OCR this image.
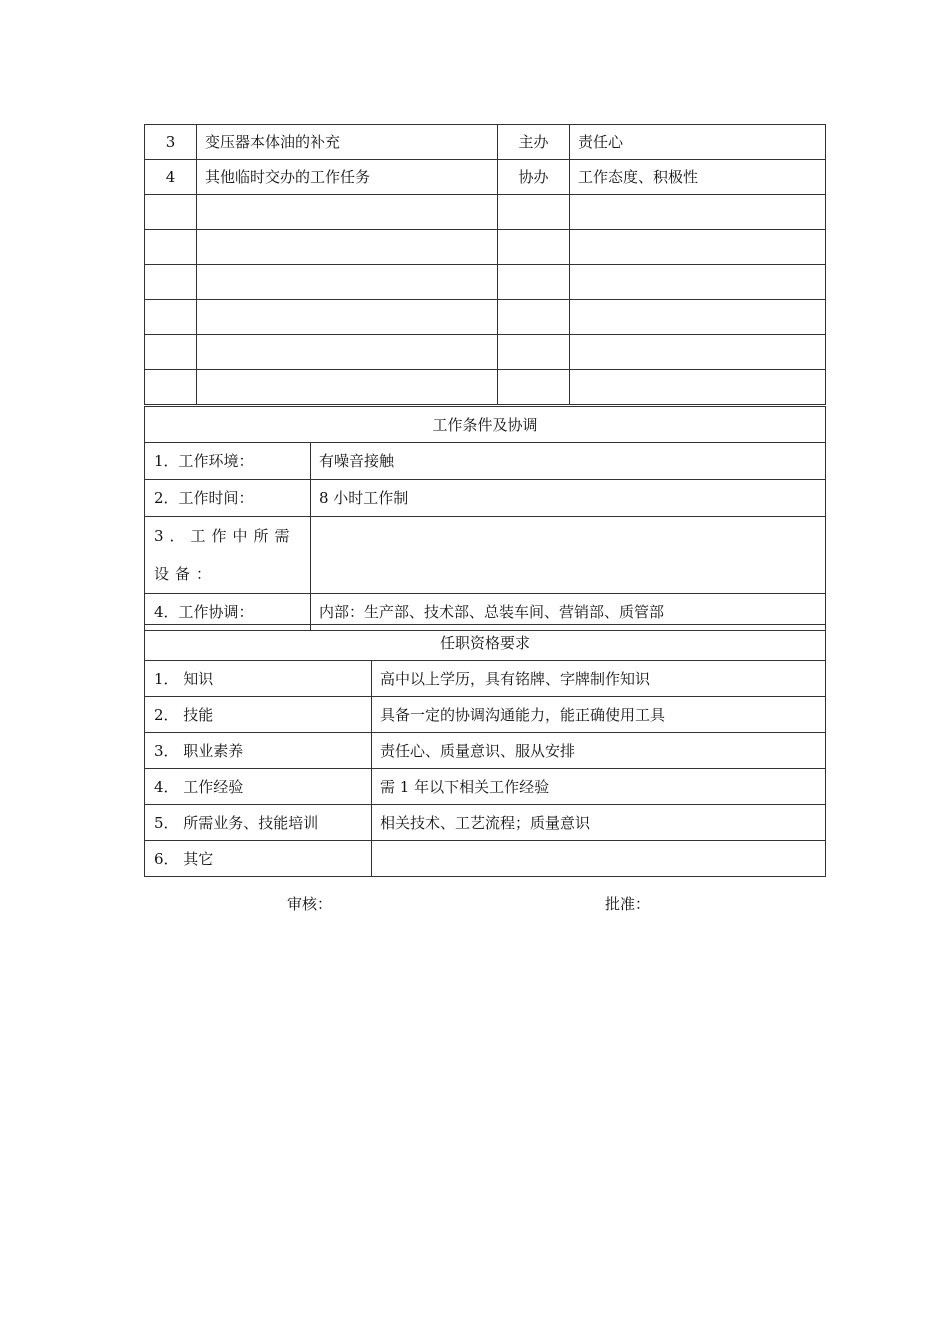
3	变压器本体油的补充	主办	责任心
4	其他临时交办的工作任务	协办	工作态度、积极性

工作条件及协调	
1．工作环境：	有噪音接触
2．工作时间：	8 小时工作制
3．工作中所需设备：	
4．工作协调：	内部：生产部、技术部、总装车间、营销部、质管部
任职资格要求	
1． 知识	高中以上学历，具有铭牌、字牌制作知识
2． 技能	具备一定的协调沟通能力，能正确使用工具
3． 职业素养	责任心、质量意识、服从安排
4． 工作经验	需 1 年以下相关工作经验
5． 所需业务、技能培训	相关技术、工艺流程；质量意识
6． 其它	
审核：	批准：
